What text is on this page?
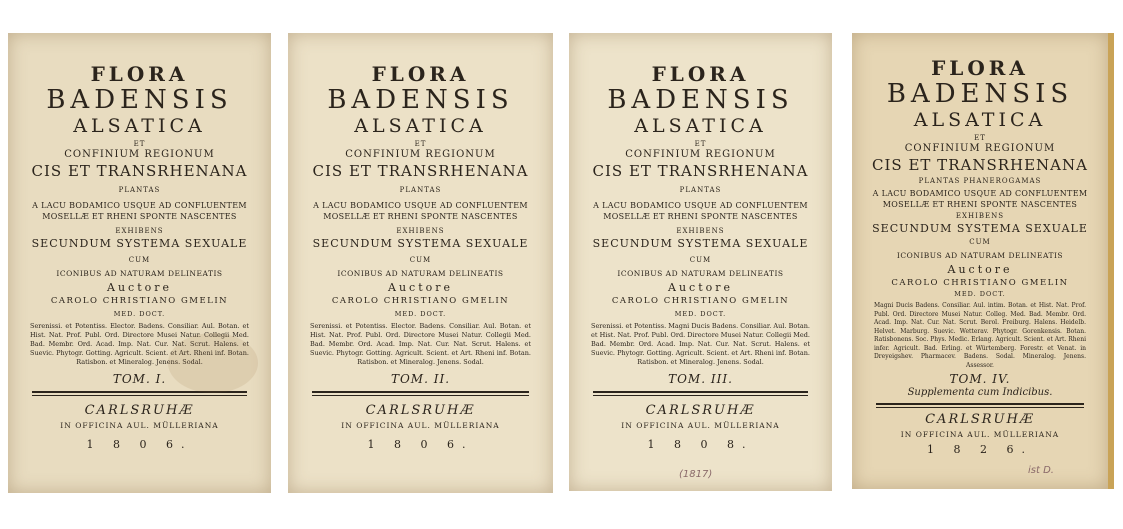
FLORA
BADENSIS
ALSATICA
ET
CONFINIUM REGIONUM
CIS ET TRANSRHENANA
PLANTAS
A LACU BODAMICO USQUE AD CONFLUENTEM MOSELLÆ ET RHENI SPONTE NASCENTES
EXHIBENS
SECUNDUM SYSTEMA SEXUALE
CUM
ICONIBUS AD NATURAM DELINEATIS
Auctore
CAROLO CHRISTIANO GMELIN
MED. DOCT.
Serenissi. et Potentiss. Elector. Badens. Consiliar. Aul. Botan. et Hist. Nat. Prof. Publ. Ord. Directore Musei Natur. Collegii Med. Bad. Membr. Ord. Acad. Imp. Nat. Cur. Nat. Scrut. Halens. et Suevic. Phytogr. Gotting. Agricult. Scient. et Art. Rheni inf. Botan. Ratisbon. et Mineralog. Jenens. Sodal.
TOM. I.
CARLSRUHÆ
IN OFFICINA AUL. MÜLLERIANA
1 8 0 6.
FLORA
BADENSIS
ALSATICA
ET
CONFINIUM REGIONUM
CIS ET TRANSRHENANA
PLANTAS
A LACU BODAMICO USQUE AD CONFLUENTEM MOSELLÆ ET RHENI SPONTE NASCENTES
EXHIBENS
SECUNDUM SYSTEMA SEXUALE
CUM
ICONIBUS AD NATURAM DELINEATIS
Auctore
CAROLO CHRISTIANO GMELIN
MED. DOCT.
Serenissi. et Potentiss. Elector. Badens. Consiliar. Aul. Botan. et Hist. Nat. Prof. Publ. Ord. Directore Musei Natur. Collegii Med. Bad. Membr. Ord. Acad. Imp. Nat. Cur. Nat. Scrut. Halens. et Suevic. Phytogr. Gotting. Agricult. Scient. et Art. Rheni inf. Botan. Ratisbon. et Mineralog. Jenens. Sodal.
TOM. II.
CARLSRUHÆ
IN OFFICINA AUL. MÜLLERIANA
1 8 0 6.
FLORA
BADENSIS
ALSATICA
ET
CONFINIUM REGIONUM
CIS ET TRANSRHENANA
PLANTAS
A LACU BODAMICO USQUE AD CONFLUENTEM MOSELLÆ ET RHENI SPONTE NASCENTES
EXHIBENS
SECUNDUM SYSTEMA SEXUALE
CUM
ICONIBUS AD NATURAM DELINEATIS
Auctore
CAROLO CHRISTIANO GMELIN
MED. DOCT.
Serenissi. et Potentiss. Magni Ducis Badens. Consiliar. Aul. Botan. et Hist. Nat. Prof. Publ. Ord. Directore Musei Natur. Collegii Med. Bad. Membr. Ord. Acad. Imp. Nat. Cur. Nat. Scrut. Halens. et Suevic. Phytogr. Gotting. Agricult. Scient. et Art. Rheni inf. Botan. Ratisbon. et Mineralog. Jenens. Sodal.
TOM. III.
CARLSRUHÆ
IN OFFICINA AUL. MÜLLERIANA
1 8 0 8.
(1817)
FLORA
BADENSIS
ALSATICA
ET
CONFINIUM REGIONUM
CIS ET TRANSRHENANA
PLANTAS PHANEROGAMAS
A LACU BODAMICO USQUE AD CONFLUENTEM MOSELLÆ ET RHENI SPONTE NASCENTES
EXHIBENS
SECUNDUM SYSTEMA SEXUALE
CUM
ICONIBUS AD NATURAM DELINEATIS
Auctore
CAROLO CHRISTIANO GMELIN
MED. DOCT.
Magni Ducis Badens. Consiliar. Aul. intim. Botan. et Hist. Nat. Prof. Publ. Ord. Directore Musei Natur. Colleg. Med. Bad. Membr. Ord. Acad. Imp. Nat. Cur. Nat. Scrut. Berol. Freiburg. Halens. Heidelb. Helvet. Marburg. Suevic. Wetterav. Phytogr. Gorenkensis. Botan. Ratisbonens. Soc. Phys. Medic. Erlang. Agricult. Scient. et Art. Rheni infer. Agricult. Bad. Erling. et Würtemberg. Forestr. et Venat. in Dreyeigshev. Pharmacev. Badens. Sodal. Mineralog. Jenens. Assessor.
TOM. IV.
Supplementa cum Indicibus.
CARLSRUHÆ
IN OFFICINA AUL. MÜLLERIANA
1 8 2 6.
ist D.
